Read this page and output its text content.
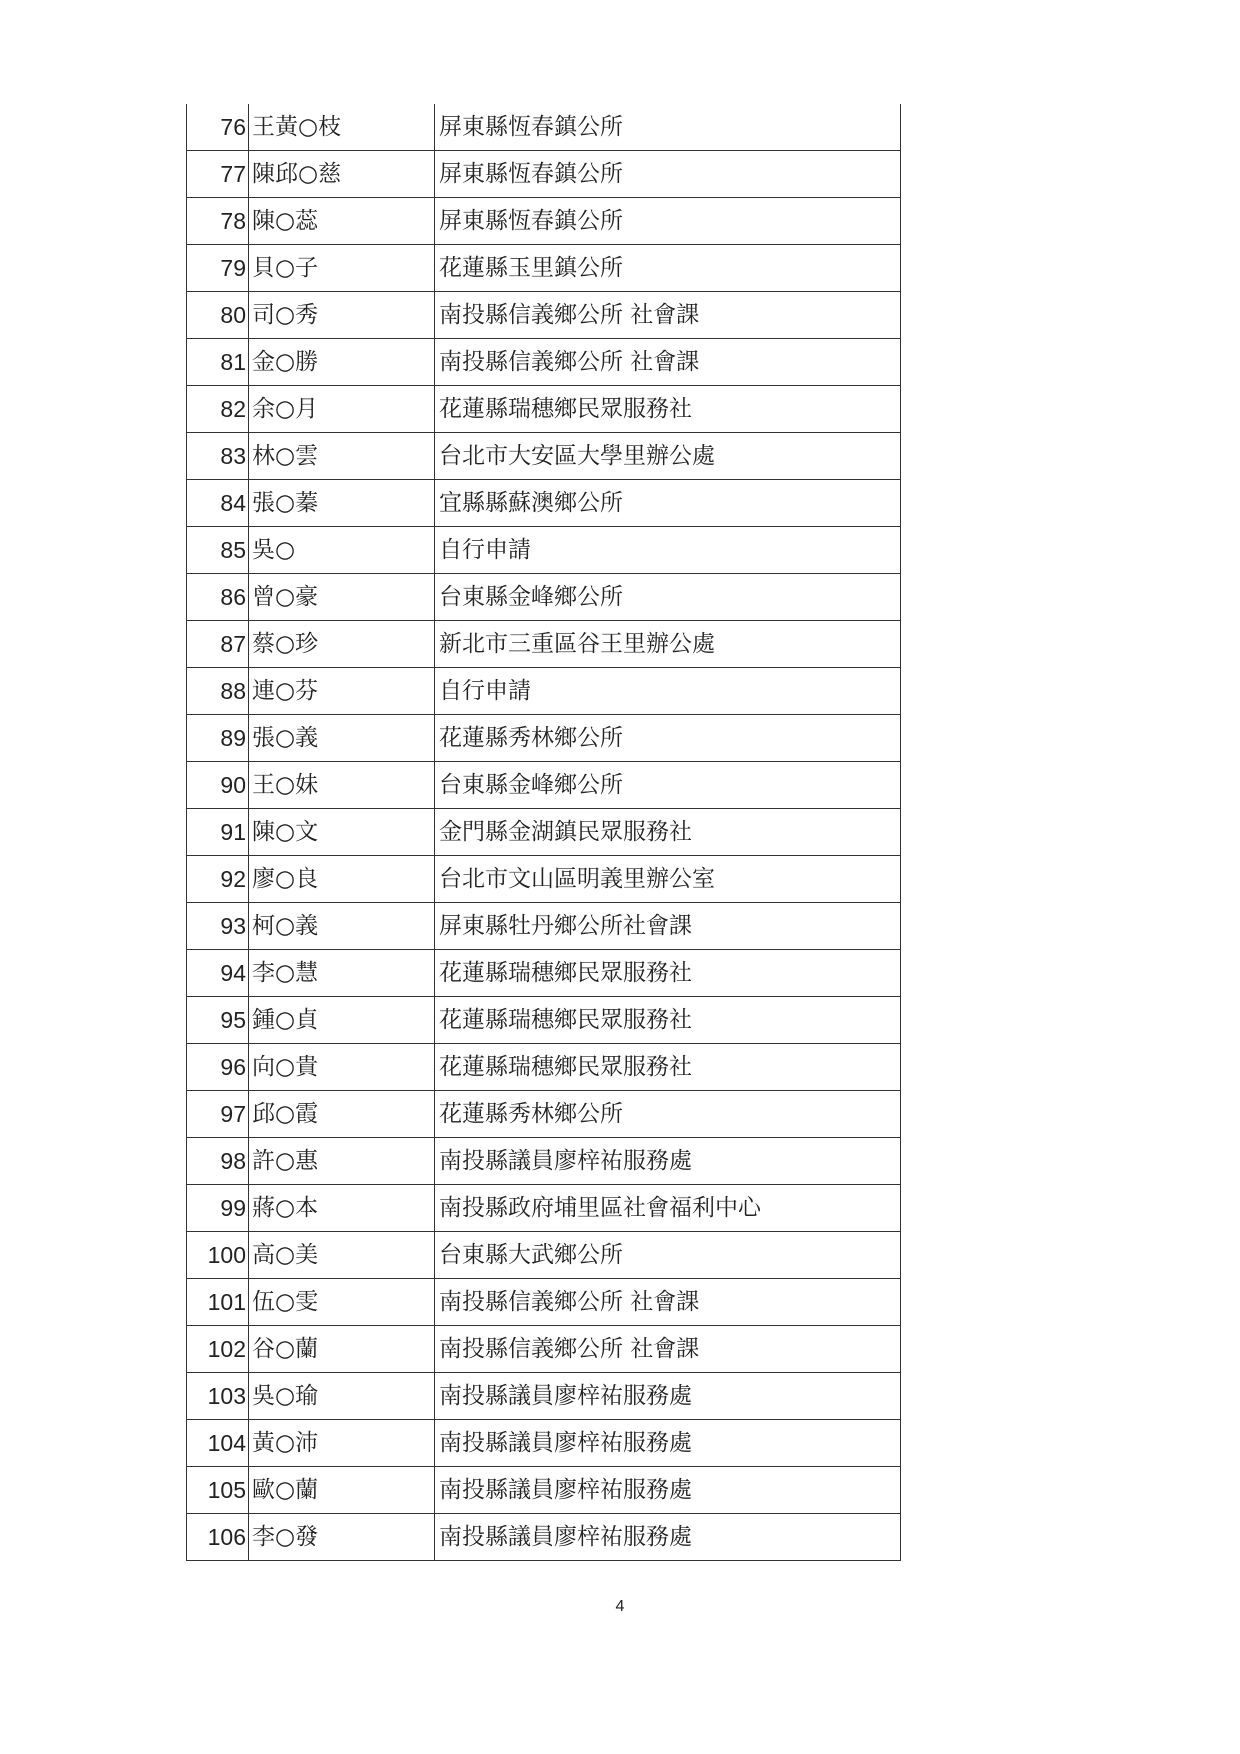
76	王黃○枝	屏東縣恆春鎮公所
77	陳邱○慈	屏東縣恆春鎮公所
78	陳○蕊	屏東縣恆春鎮公所
79	貝○子	花蓮縣玉里鎮公所
80	司○秀	南投縣信義鄉公所 社會課
81	金○勝	南投縣信義鄉公所 社會課
82	余○月	花蓮縣瑞穗鄉民眾服務社
83	林○雲	台北市大安區大學里辦公處
84	張○蓁	宜縣縣蘇澳鄉公所
85	吳○	自行申請
86	曾○豪	台東縣金峰鄉公所
87	蔡○珍	新北市三重區谷王里辦公處
88	連○芬	自行申請
89	張○義	花蓮縣秀林鄉公所
90	王○妹	台東縣金峰鄉公所
91	陳○文	金門縣金湖鎮民眾服務社
92	廖○良	台北市文山區明義里辦公室
93	柯○義	屏東縣牡丹鄉公所社會課
94	李○慧	花蓮縣瑞穗鄉民眾服務社
95	鍾○貞	花蓮縣瑞穗鄉民眾服務社
96	向○貴	花蓮縣瑞穗鄉民眾服務社
97	邱○霞	花蓮縣秀林鄉公所
98	許○惠	南投縣議員廖梓祐服務處
99	蔣○本	南投縣政府埔里區社會福利中心
100	高○美	台東縣大武鄉公所
101	伍○雯	南投縣信義鄉公所 社會課
102	谷○蘭	南投縣信義鄉公所 社會課
103	吳○瑜	南投縣議員廖梓祐服務處
104	黃○沛	南投縣議員廖梓祐服務處
105	歐○蘭	南投縣議員廖梓祐服務處
106	李○發	南投縣議員廖梓祐服務處
4
